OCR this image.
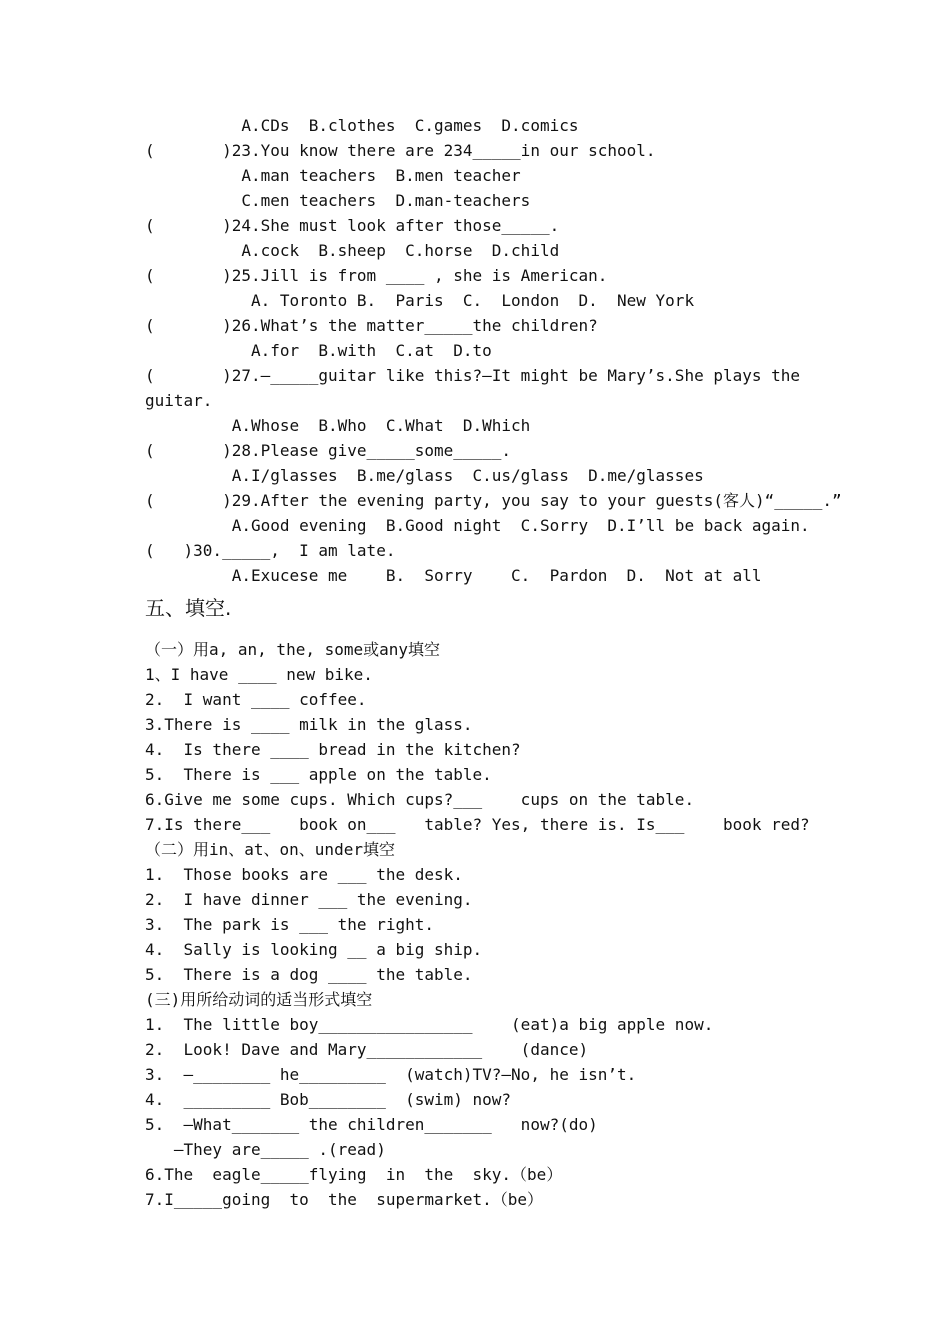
A.CDs  B.clothes  C.games  D.comics
(       )23.You know there are 234_____in our school.
A.man teachers  B.men teacher
C.men teachers  D.man-teachers
(       )24.She must look after those_____.
A.cock  B.sheep  C.horse  D.child
(       )25.Jill is from ____ , she is American.
A. Toronto B.  Paris  C.  London  D.  New York
(       )26.What’s the matter_____the children?
A.for  B.with  C.at  D.to
(       )27.—_____guitar like this?—It might be Mary’s.She plays the
guitar.
A.Whose  B.Who  C.What  D.Which
(       )28.Please give_____some_____.
A.I/glasses  B.me/glass  C.us/glass  D.me/glasses
(       )29.After the evening party, you say to your guests(客人)“_____.”
A.Good evening  B.Good night  C.Sorry  D.I’ll be back again.
(   )30._____,  I am late.
A.Exucese me    B.  Sorry    C.  Pardon  D.  Not at all
五、填空.
（一）用a, an, the, some或any填空
1、I have ____ new bike.
2.  I want ____ coffee.
3.There is ____ milk in the glass.
4.  Is there ____ bread in the kitchen?
5.  There is ___ apple on the table.
6.Give me some cups. Which cups?___    cups on the table.
7.Is there___   book on___   table? Yes, there is. Is___    book red?
（二）用in、at、on、under填空
1.  Those books are ___ the desk.
2.  I have dinner ___ the evening.
3.  The park is ___ the right.
4.  Sally is looking __ a big ship.
5.  There is a dog ____ the table.
(三)用所给动词的适当形式填空
1.  The little boy________________    (eat)a big apple now.
2.  Look! Dave and Mary____________    (dance)
3.  —________ he_________  (watch)TV?—No, he isn’t.
4.  _________ Bob________  (swim) now?
5.  —What_______ the children_______   now?(do)
—They are_____ .(read)
6.The  eagle_____flying  in  the  sky.（be）
7.I_____going  to  the  supermarket.（be）
